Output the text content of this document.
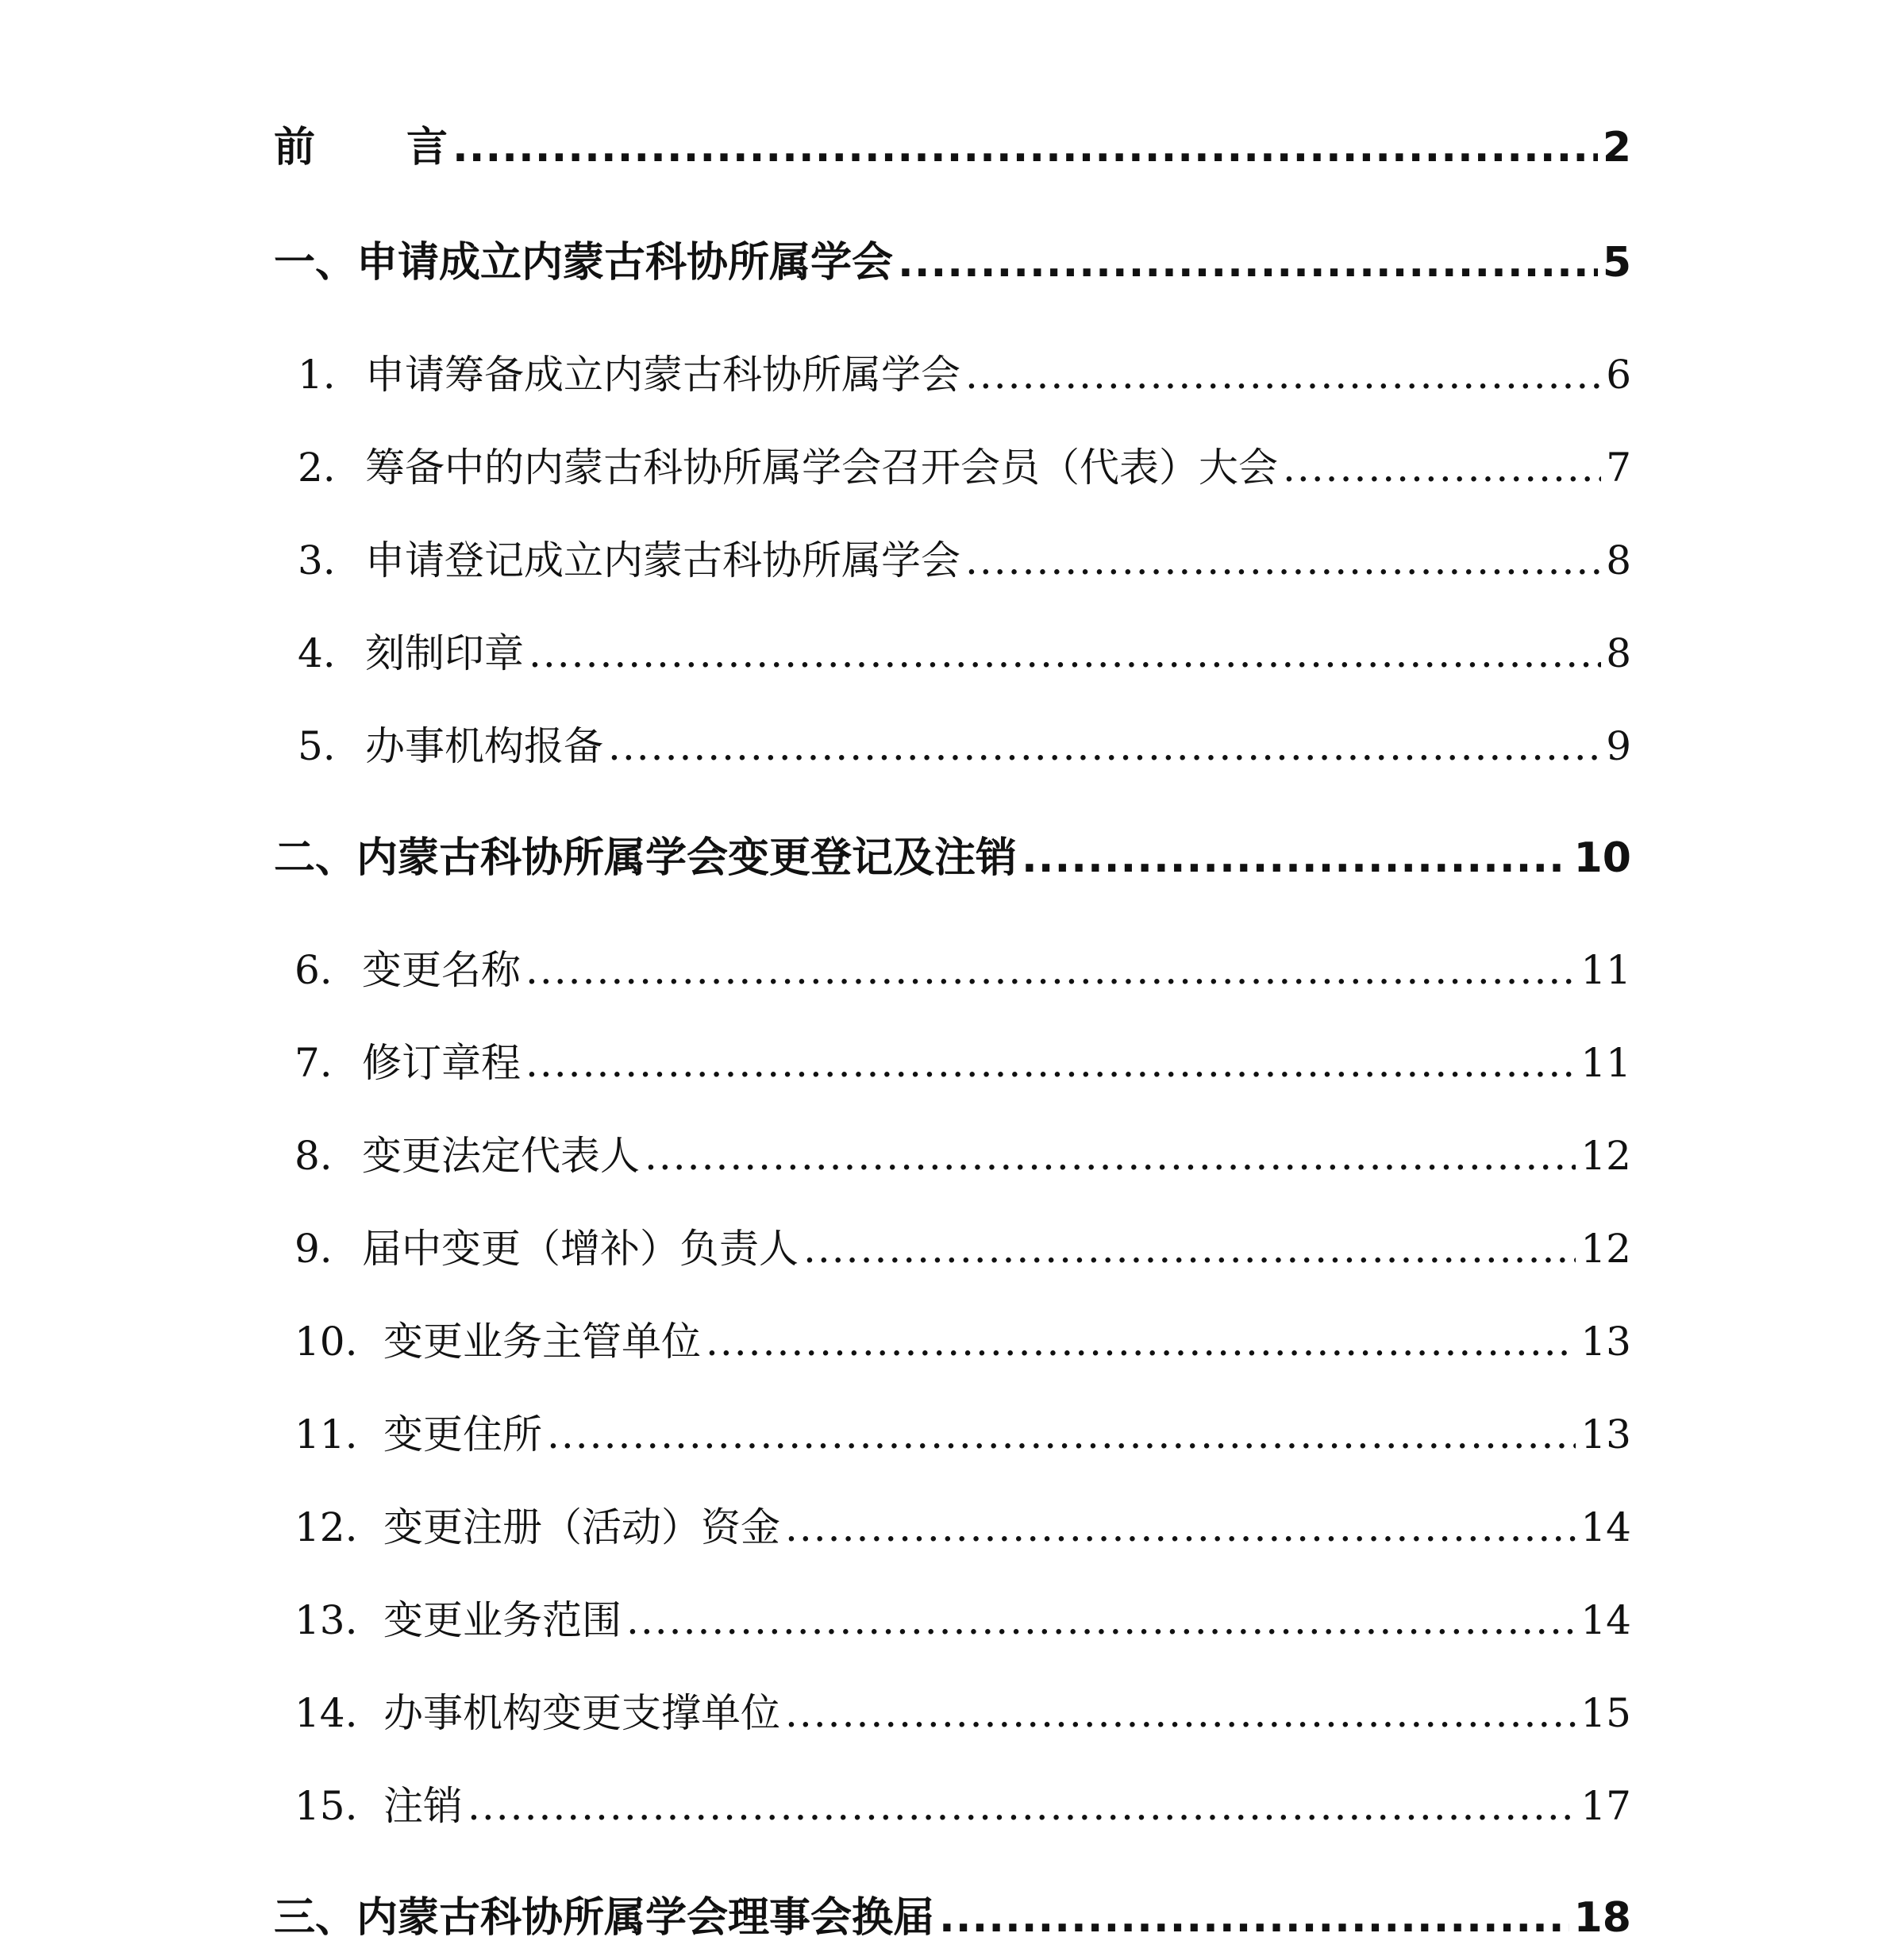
前 言 .....	2
一、申请成立内蒙古科协所属学会 .....	5
1. 申请筹备成立内蒙古科协所属学会 .....	6
2. 筹备中的内蒙古科协所属学会召开会员（代表）大会 .....	7
3. 申请登记成立内蒙古科协所属学会 .....	8
4. 刻制印章 .....	8
5. 办事机构报备 .....	9
二、内蒙古科协所属学会变更登记及注销 .....	10
6. 变更名称 .....	11
7. 修订章程 .....	11
8. 变更法定代表人 .....	12
9. 届中变更（增补）负责人 .....	12
10. 变更业务主管单位 .....	13
11. 变更住所 .....	13
12. 变更注册（活动）资金 .....	14
13. 变更业务范围 .....	14
14. 办事机构变更支撑单位 .....	15
15. 注销 .....	17
三、内蒙古科协所属学会理事会换届 .....	18
